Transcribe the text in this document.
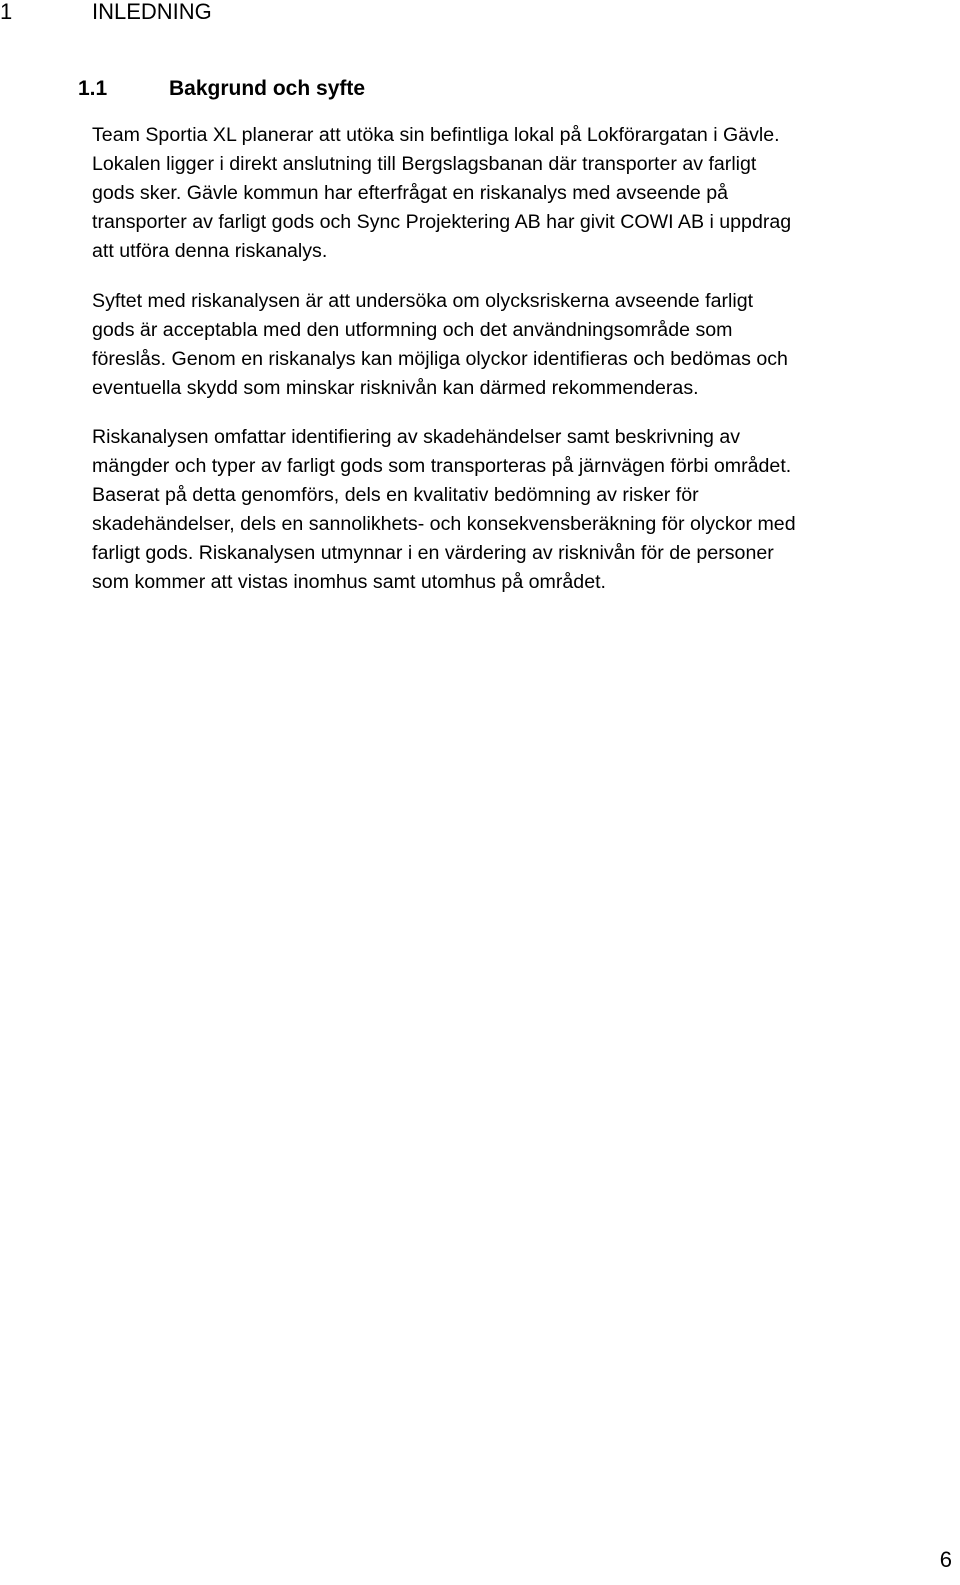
1	INLEDNING
1.1	Bakgrund och syfte
Team Sportia XL planerar att utöka sin befintliga lokal på Lokförargatan i Gävle.
Lokalen ligger i direkt anslutning till Bergslagsbanan där transporter av farligt
gods sker. Gävle kommun har efterfrågat en riskanalys med avseende på
transporter av farligt gods och Sync Projektering AB har givit COWI AB i uppdrag
att utföra denna riskanalys.
Syftet med riskanalysen är att undersöka om olycksriskerna avseende farligt
gods är acceptabla med den utformning och det användningsområde som
föreslås. Genom en riskanalys kan möjliga olyckor identifieras och bedömas och
eventuella skydd som minskar risknivån kan därmed rekommenderas.
Riskanalysen omfattar identifiering av skadehändelser samt beskrivning av
mängder och typer av farligt gods som transporteras på järnvägen förbi området.
Baserat på detta genomförs, dels en kvalitativ bedömning av risker för
skadehändelser, dels en sannolikhets- och konsekvensberäkning för olyckor med
farligt gods. Riskanalysen utmynnar i en värdering av risknivån för de personer
som kommer att vistas inomhus samt utomhus på området.
6
